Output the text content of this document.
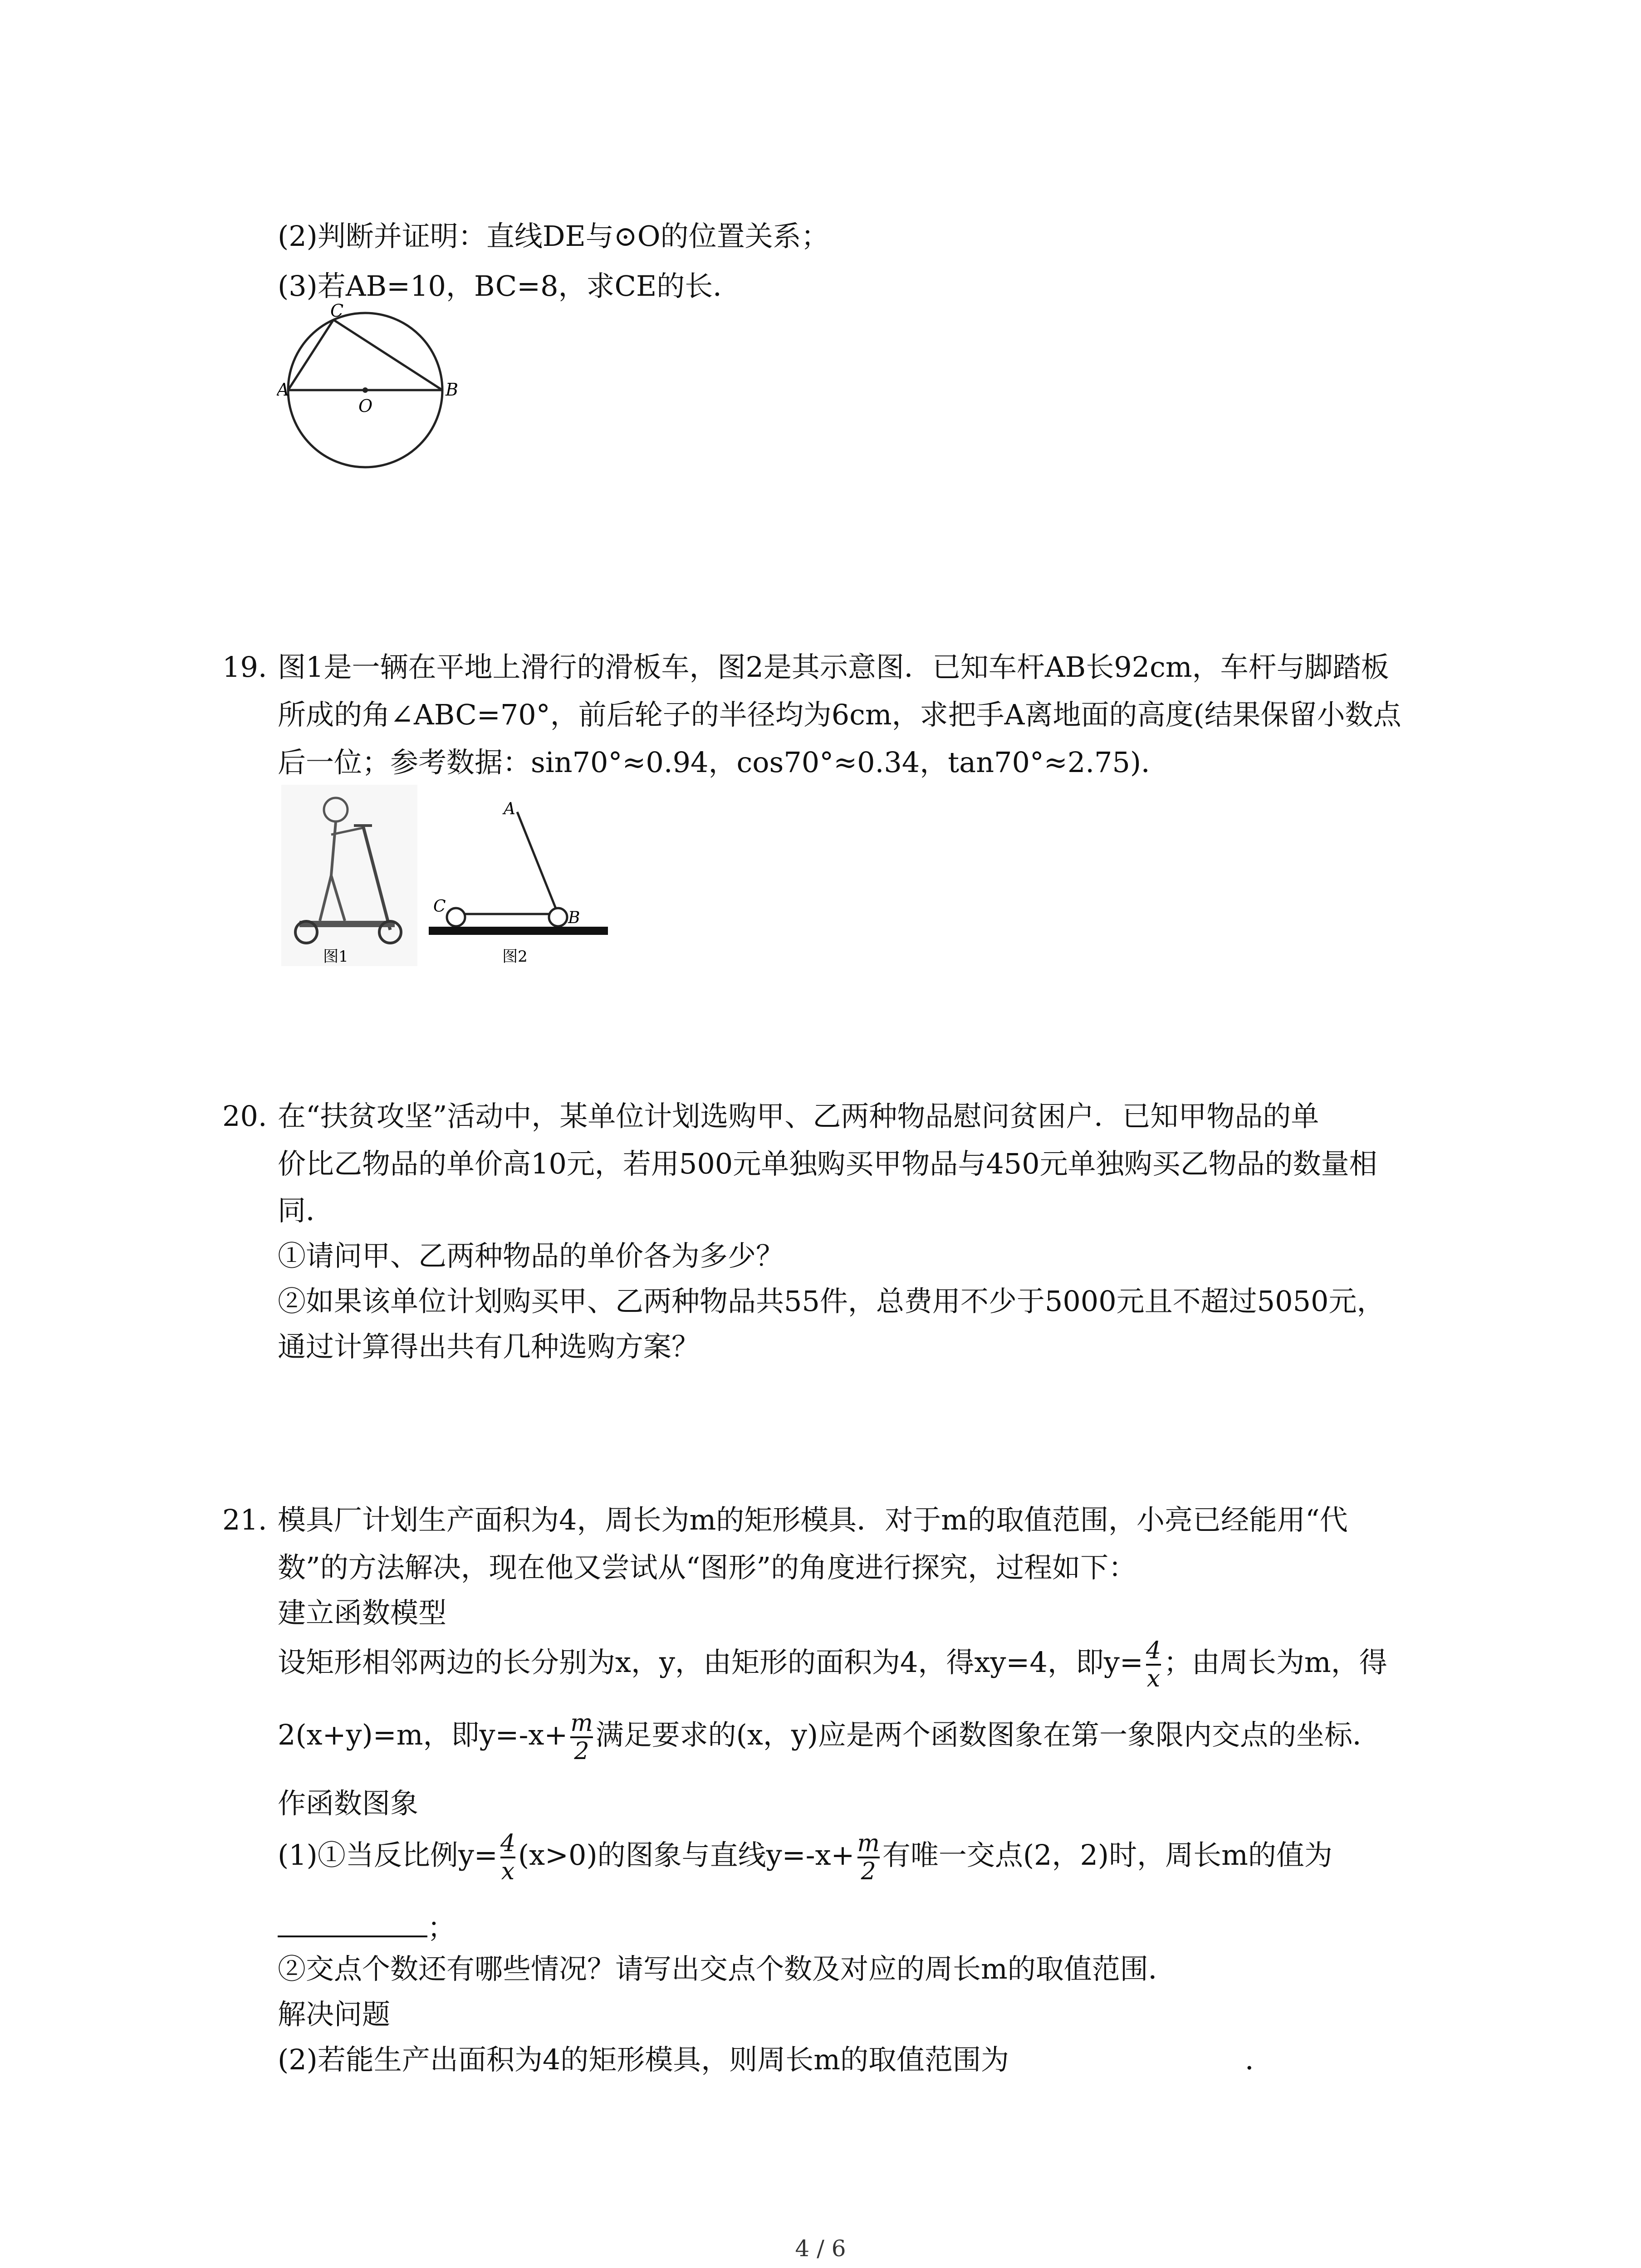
(2)判断并证明：直线DE与⊙O的位置关系；
(3)若AB=10，BC=8，求CE的长．
C
A
O
B
19. 图1是一辆在平地上滑行的滑板车，图2是其示意图．已知车杆AB长92cm，车杆与脚踏板
所成的角∠ABC=70°，前后轮子的半径均为6cm，求把手A离地面的高度(结果保留小数点
后一位；参考数据：sin70°≈0.94，cos70°≈0.34，tan70°≈2.75)．
图1
A
C
B
图2
20. 在“扶贫攻坚”活动中，某单位计划选购甲、乙两种物品慰问贫困户．已知甲物品的单
价比乙物品的单价高10元，若用500元单独购买甲物品与450元单独购买乙物品的数量相
同．
①请问甲、乙两种物品的单价各为多少？
②如果该单位计划购买甲、乙两种物品共55件，总费用不少于5000元且不超过5050元，
通过计算得出共有几种选购方案？
21. 模具厂计划生产面积为4，周长为m的矩形模具．对于m的取值范围，小亮已经能用“代
数”的方法解决，现在他又尝试从“图形”的角度进行探究，过程如下：
建立函数模型
设矩形相邻两边的长分别为x，y，由矩形的面积为4，得xy=4，即$y= \frac{4}{x}$ ；由周长为m，得
2(x+y)=m，即$y=-x+ \frac{m}{2}$ 满足要求的(x，y)应是两个函数图象在第一象限内交点的坐标．
作函数图象
(1)①当反比例$y= \frac{4}{x} (x>0)$的图象与直线$y=-x+ \frac{m}{2}$ 有唯一交点(2，2)时，周长m的值为
；
②交点个数还有哪些情况？请写出交点个数及对应的周长m的取值范围．
解决问题
(2)若能生产出面积为4的矩形模具，则周长m的取值范围为	．
4 / 6
